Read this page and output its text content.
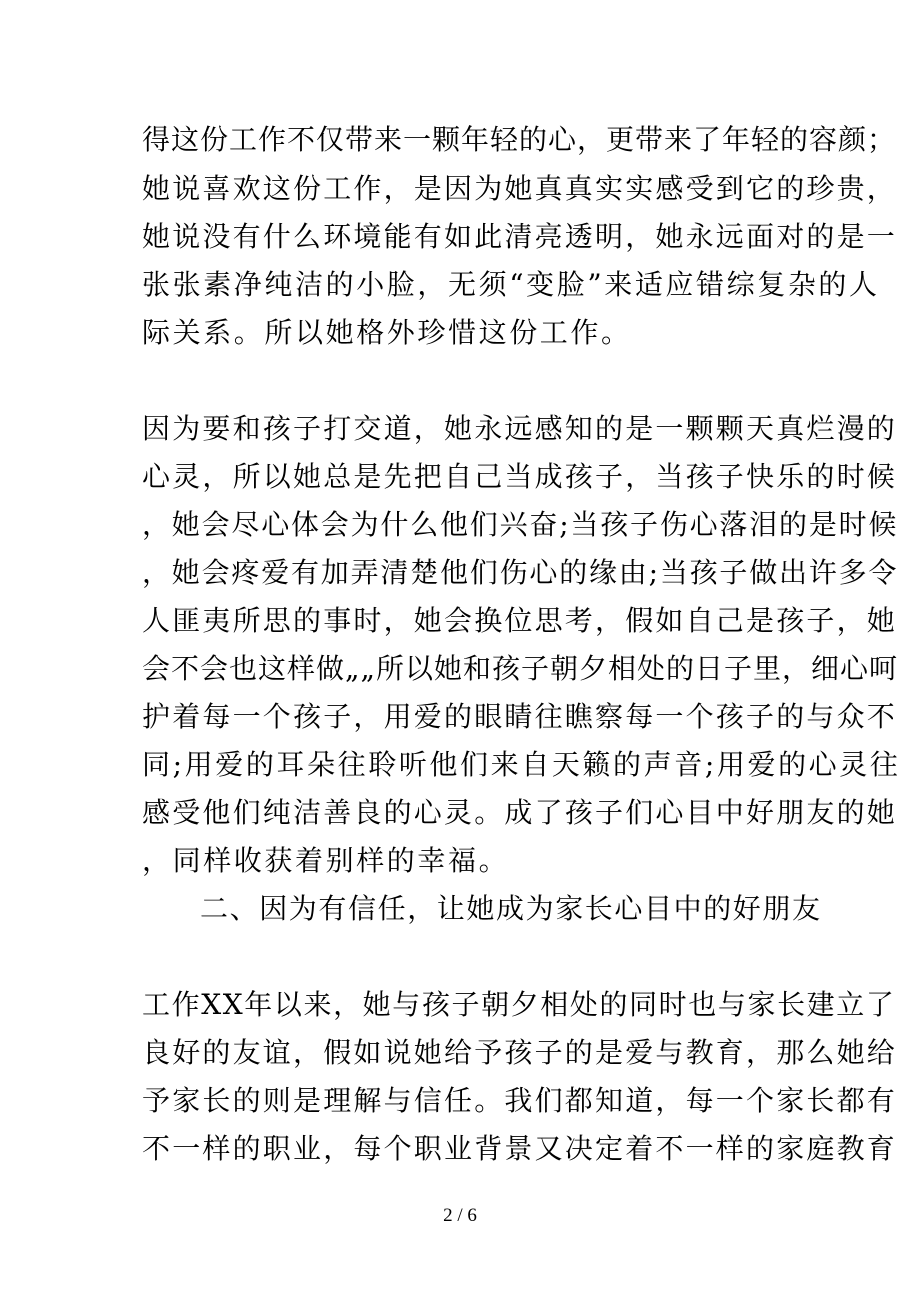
得这份工作不仅带来一颗年轻的心，更带来了年轻的容颜；
她说喜欢这份工作，是因为她真真实实感受到它的珍贵，
她说没有什么环境能有如此清亮透明，她永远面对的是一
张张素净纯洁的小脸，无须“变脸”来适应错综复杂的人
际关系。所以她格外珍惜这份工作。
因为要和孩子打交道，她永远感知的是一颗颗天真烂漫的
心灵，所以她总是先把自己当成孩子，当孩子快乐的时候
，她会尽心体会为什么他们兴奋;当孩子伤心落泪的是时候
，她会疼爱有加弄清楚他们伤心的缘由;当孩子做出许多令
人匪夷所思的事时，她会换位思考，假如自己是孩子，她
会不会也这样做„„所以她和孩子朝夕相处的日子里，细心呵
护着每一个孩子，用爱的眼睛往瞧察每一个孩子的与众不
同;用爱的耳朵往聆听他们来自天籁的声音;用爱的心灵往
感受他们纯洁善良的心灵。成了孩子们心目中好朋友的她
，同样收获着别样的幸福。
二、因为有信任，让她成为家长心目中的好朋友
工作XX年以来，她与孩子朝夕相处的同时也与家长建立了
良好的友谊，假如说她给予孩子的是爱与教育，那么她给
予家长的则是理解与信任。我们都知道，每一个家长都有
不一样的职业，每个职业背景又决定着不一样的家庭教育
2 / 6
